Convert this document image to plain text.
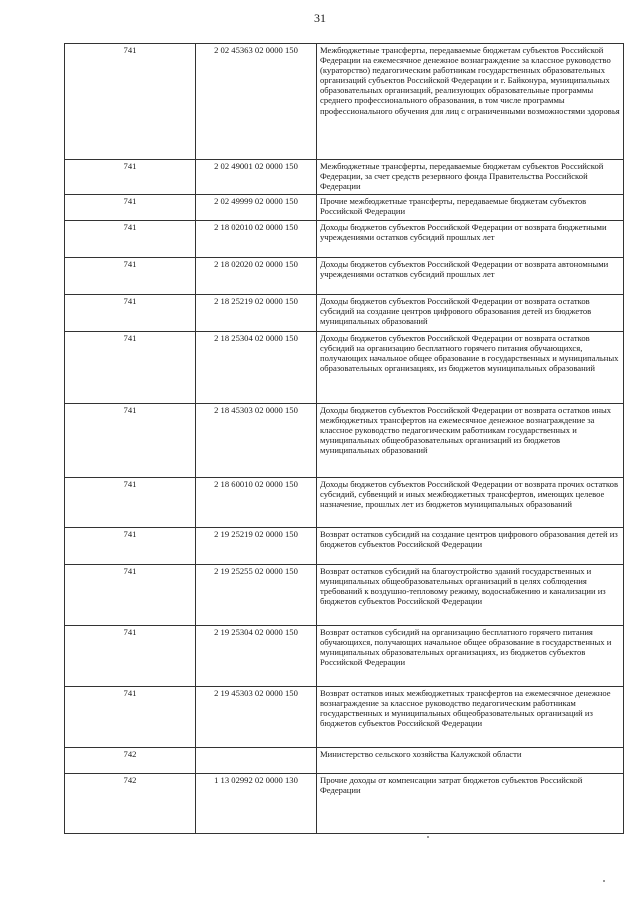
31
741	2 02 45363 02 0000 150	Межбюджетные трансферты, передаваемые бюджетам субъектов Российской Федерации на ежемесячное денежное вознаграждение за классное руководство (кураторство) педагогическим работникам государственных образовательных организаций субъектов Российской Федерации и г. Байконура, муниципальных образовательных организаций, реализующих образовательные программы среднего профессионального образования, в том числе программы профессионального обучения для лиц с ограниченными возможностями здоровья
741	2 02 49001 02 0000 150	Межбюджетные трансферты, передаваемые бюджетам субъектов Российской Федерации, за счет средств резервного фонда Правительства Российской Федерации
741	2 02 49999 02 0000 150	Прочие межбюджетные трансферты, передаваемые бюджетам субъектов Российской Федерации
741	2 18 02010 02 0000 150	Доходы бюджетов субъектов Российской Федерации от возврата бюджетными учреждениями остатков субсидий прошлых лет
741	2 18 02020 02 0000 150	Доходы бюджетов субъектов Российской Федерации от возврата автономными учреждениями остатков субсидий прошлых лет
741	2 18 25219 02 0000 150	Доходы бюджетов субъектов Российской Федерации от возврата остатков субсидий на создание центров цифрового образования детей из бюджетов муниципальных образований
741	2 18 25304 02 0000 150	Доходы бюджетов субъектов Российской Федерации от возврата остатков субсидий на организацию бесплатного горячего питания обучающихся, получающих начальное общее образование в государственных и муниципальных образовательных организациях, из бюджетов муниципальных образований
741	2 18 45303 02 0000 150	Доходы бюджетов субъектов Российской Федерации от возврата остатков иных межбюджетных трансфертов на ежемесячное денежное вознаграждение за классное руководство педагогическим работникам государственных и муниципальных общеобразовательных организаций из бюджетов муниципальных образований
741	2 18 60010 02 0000 150	Доходы бюджетов субъектов Российской Федерации от возврата прочих остатков субсидий, субвенций и иных межбюджетных трансфертов, имеющих целевое назначение, прошлых лет из бюджетов муниципальных образований
741	2 19 25219 02 0000 150	Возврат остатков субсидий на создание центров цифрового образования детей из бюджетов субъектов Российской Федерации
741	2 19 25255 02 0000 150	Возврат остатков субсидий на благоустройство зданий государственных и муниципальных общеобразовательных организаций в целях соблюдения требований к воздушно-тепловому режиму, водоснабжению и канализации из бюджетов субъектов Российской Федерации
741	2 19 25304 02 0000 150	Возврат остатков субсидий на организацию бесплатного горячего питания обучающихся, получающих начальное общее образование в государственных и муниципальных образовательных организациях, из бюджетов субъектов Российской Федерации
741	2 19 45303 02 0000 150	Возврат остатков иных межбюджетных трансфертов на ежемесячное денежное вознаграждение за классное руководство педагогическим работникам государственных и муниципальных общеобразовательных организаций из бюджетов субъектов Российской Федерации
742		Министерство сельского хозяйства Калужской области
742	1 13 02992 02 0000 130	Прочие доходы от компенсации затрат бюджетов субъектов Российской Федерации
